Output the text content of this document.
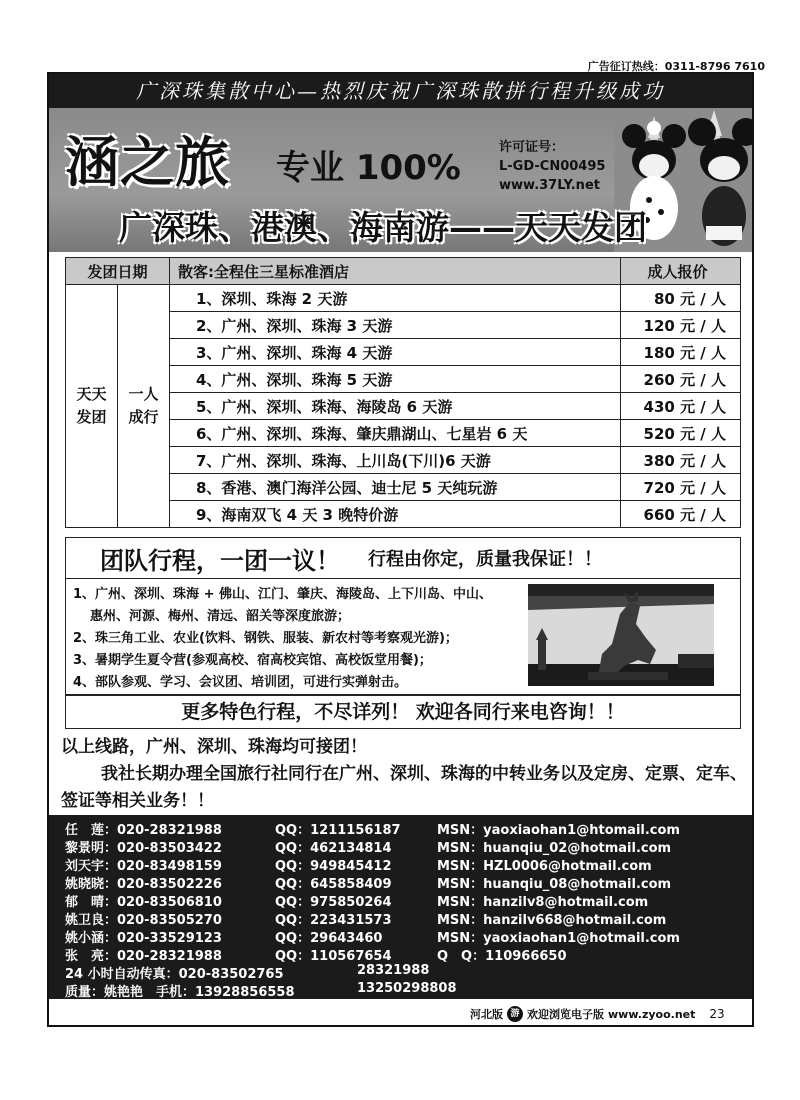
广告征订热线：0311-8796 7610
广深珠集散中心—热烈庆祝广深珠散拼行程升级成功
涵之旅 专业 100%
许可证号：
L-GD-CN00495
www.37LY.net
广深珠、港澳、海南游——天天发团
发团日期		散客:全程住三星标准酒店	成人报价
天天发团	一人成行	1、深圳、珠海 2 天游	80 元 / 人
		2、广州、深圳、珠海 3 天游	120 元 / 人
		3、广州、深圳、珠海 4 天游	180 元 / 人
		4、广州、深圳、珠海 5 天游	260 元 / 人
		5、广州、深圳、珠海、海陵岛 6 天游	430 元 / 人
		6、广州、深圳、珠海、肇庆鼎湖山、七星岩 6 天	520 元 / 人
		7、广州、深圳、珠海、上川岛(下川)6 天游	380 元 / 人
		8、香港、澳门海洋公园、迪士尼 5 天纯玩游	720 元 / 人
		9、海南双飞 4 天 3 晚特价游	660 元 / 人
团队行程，一团一议！ 行程由你定，质量我保证！！
1、广州、深圳、珠海 + 佛山、江门、肇庆、海陵岛、上下川岛、中山、
惠州、河源、梅州、清远、韶关等深度旅游；
2、珠三角工业、农业(饮料、钢铁、服装、新农村等考察观光游)；
3、暑期学生夏令营(参观高校、宿高校宾馆、高校饭堂用餐)；
4、部队参观、学习、会议团、培训团，可进行实弹射击。
更多特色行程，不尽详列！ 欢迎各同行来电咨询！！
以上线路，广州、深圳、珠海均可接团！
我社长期办理全国旅行社同行在广州、深圳、珠海的中转业务以及定房、定票、定车、签证等相关业务！！
任　莲：020-28321988	QQ：1211156187	MSN：yaoxiaohan1@htomail.com
黎景明：020-83503422	QQ：462134814	MSN：huanqiu_02@hotmail.com
刘天宇：020-83498159	QQ：949845412	MSN：HZL0006@hotmail.com
姚晓晓：020-83502226	QQ：645858409	MSN：huanqiu_08@hotmail.com
郁　晴：020-83506810	QQ：975850264	MSN：hanzilv8@hotmail.com
姚卫良：020-83505270	QQ：223431573	MSN：hanzilv668@hotmail.com
姚小涵：020-33529123	QQ：29643460	MSN：yaoxiaohan1@hotmail.com
张　亮：020-28321988	QQ：110567654	Q　Q：110966650
24 小时自动传真：020-83502765	28321988
质量：姚艳艳　手机：13928856558	13250298808
河北版 游 欢迎浏览电子版 www.zyoo.net 23
